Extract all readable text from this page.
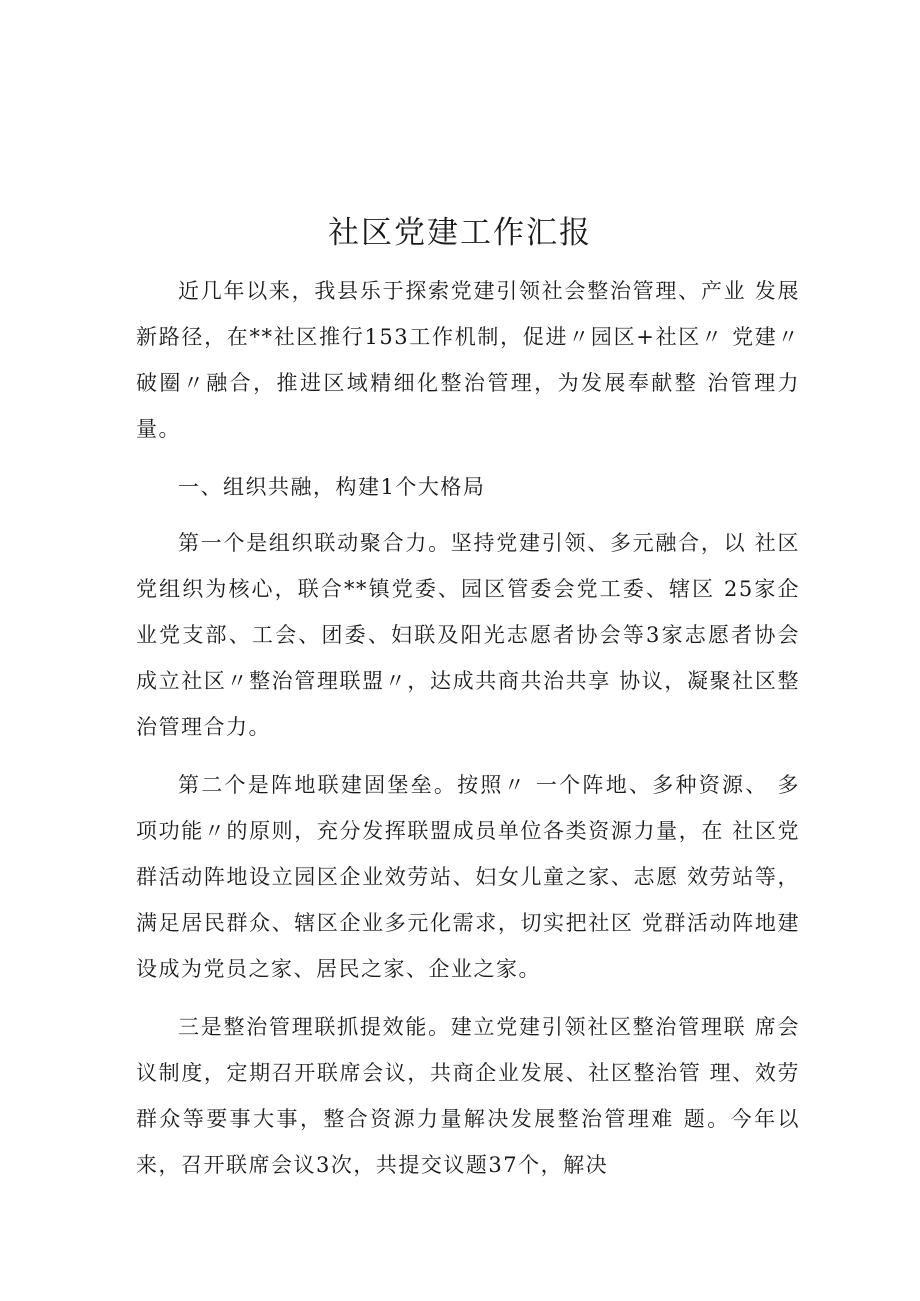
社区党建工作汇报

近几年以来，我县乐于探索党建引领社会整治管理、产业 发展新路径，在**社区推行153工作机制，促进〃园区+社区〃 党建〃破圈〃融合，推进区域精细化整治管理，为发展奉献整 治管理力量。

一、组织共融，构建1个大格局

第一个是组织联动聚合力。坚持党建引领、多元融合，以 社区党组织为核心，联合**镇党委、园区管委会党工委、辖区 25家企业党支部、工会、团委、妇联及阳光志愿者协会等3家志愿者协会成立社区〃整治管理联盟〃，达成共商共治共享 协议，凝聚社区整治管理合力。

第二个是阵地联建固堡垒。按照〃 一个阵地、多种资源、 多项功能〃的原则，充分发挥联盟成员单位各类资源力量，在 社区党群活动阵地设立园区企业效劳站、妇女儿童之家、志愿 效劳站等，满足居民群众、辖区企业多元化需求，切实把社区 党群活动阵地建设成为党员之家、居民之家、企业之家。

三是整治管理联抓提效能。建立党建引领社区整治管理联 席会议制度，定期召开联席会议，共商企业发展、社区整治管 理、效劳群众等要事大事，整合资源力量解决发展整治管理难 题。今年以来，召开联席会议3次，共提交议题37个，解决
